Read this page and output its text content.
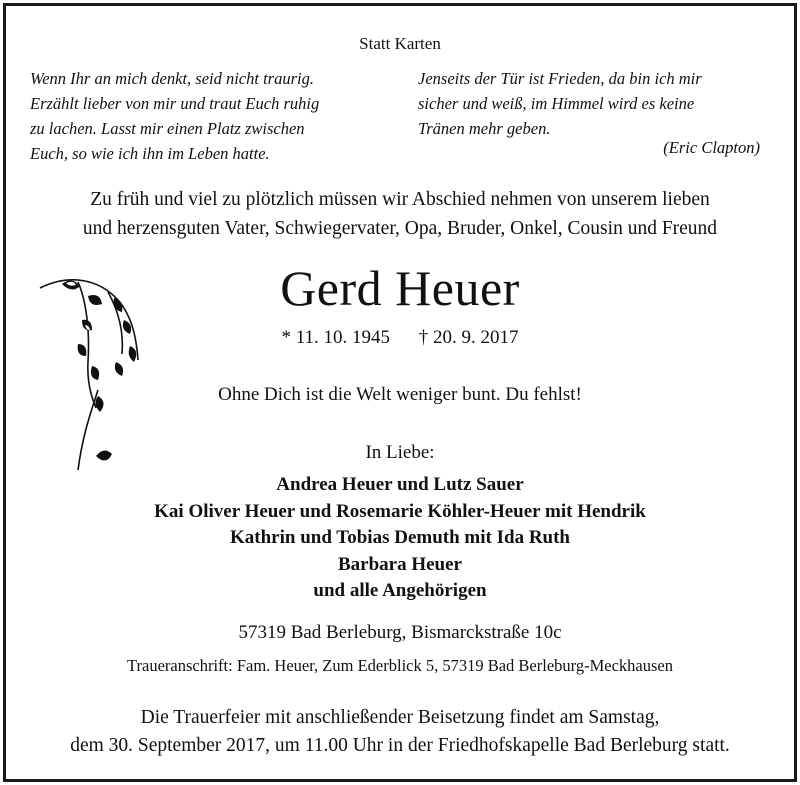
Statt Karten
Wenn Ihr an mich denkt, seid nicht traurig.
Erzählt lieber von mir und traut Euch ruhig
zu lachen. Lasst mir einen Platz zwischen
Euch, so wie ich ihn im Leben hatte.
Jenseits der Tür ist Frieden, da bin ich mir
sicher und weiß, im Himmel wird es keine
Tränen mehr geben.
(Eric Clapton)
Zu früh und viel zu plötzlich müssen wir Abschied nehmen von unserem lieben
und herzensguten Vater, Schwiegervater, Opa, Bruder, Onkel, Cousin und Freund
Gerd Heuer
* 11. 10. 1945 † 20. 9. 2017
Ohne Dich ist die Welt weniger bunt. Du fehlst!
In Liebe:
Andrea Heuer und Lutz Sauer
Kai Oliver Heuer und Rosemarie Köhler-Heuer mit Hendrik
Kathrin und Tobias Demuth mit Ida Ruth
Barbara Heuer
und alle Angehörigen
57319 Bad Berleburg, Bismarckstraße 10c
Traueranschrift: Fam. Heuer, Zum Ederblick 5, 57319 Bad Berleburg-Meckhausen
Die Trauerfeier mit anschließender Beisetzung findet am Samstag,
dem 30. September 2017, um 11.00 Uhr in der Friedhofskapelle Bad Berleburg statt.
